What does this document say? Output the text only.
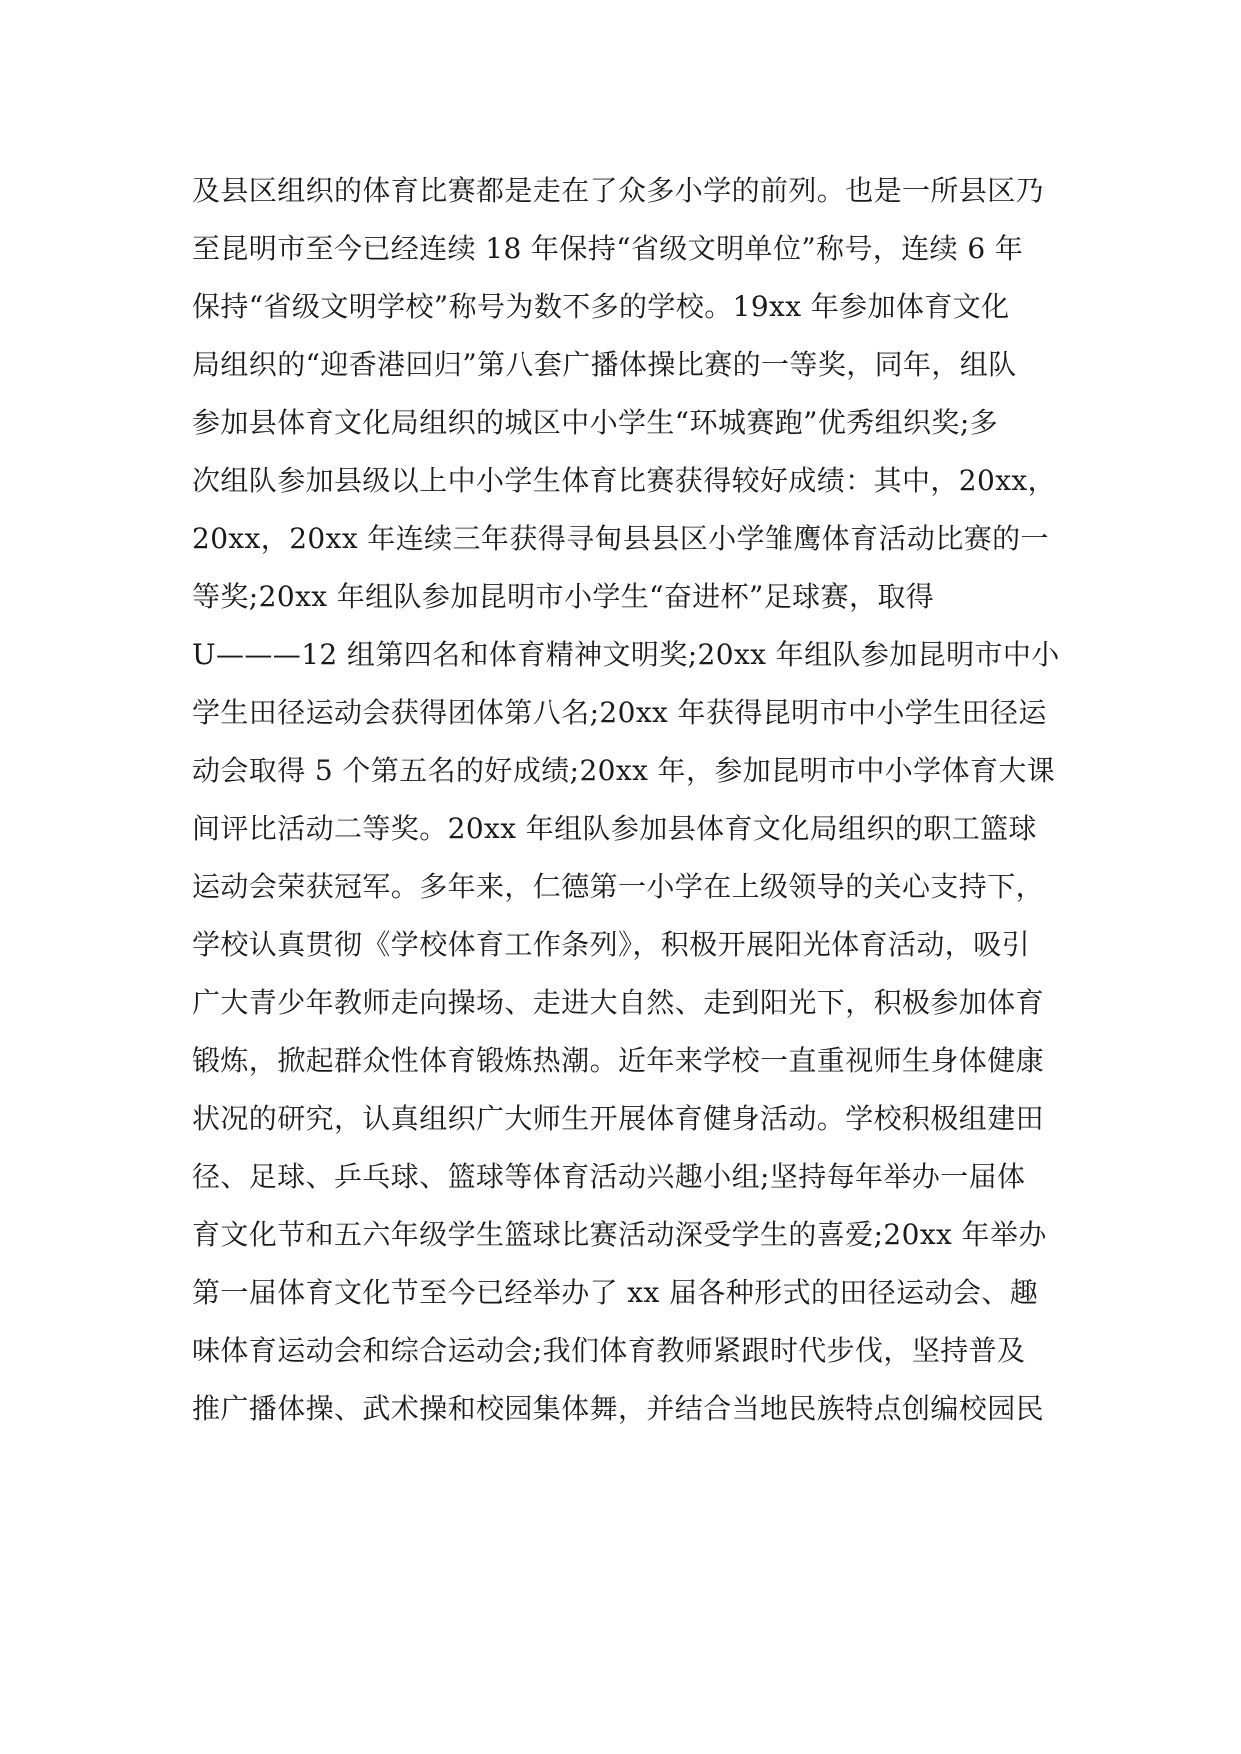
及县区组织的体育比赛都是走在了众多小学的前列。也是一所县区乃
至昆明市至今已经连续 18 年保持“省级文明单位”称号，连续 6 年
保持“省级文明学校”称号为数不多的学校。19xx 年参加体育文化
局组织的“迎香港回归”第八套广播体操比赛的一等奖，同年，组队
参加县体育文化局组织的城区中小学生“环城赛跑”优秀组织奖;多
次组队参加县级以上中小学生体育比赛获得较好成绩：其中，20xx，
20xx，20xx 年连续三年获得寻甸县县区小学雏鹰体育活动比赛的一
等奖;20xx 年组队参加昆明市小学生“奋进杯”足球赛，取得
U———12 组第四名和体育精神文明奖;20xx 年组队参加昆明市中小
学生田径运动会获得团体第八名;20xx 年获得昆明市中小学生田径运
动会取得 5 个第五名的好成绩;20xx 年，参加昆明市中小学体育大课
间评比活动二等奖。20xx 年组队参加县体育文化局组织的职工篮球
运动会荣获冠军。多年来，仁德第一小学在上级领导的关心支持下，
学校认真贯彻《学校体育工作条列》，积极开展阳光体育活动，吸引
广大青少年教师走向操场、走进大自然、走到阳光下，积极参加体育
锻炼，掀起群众性体育锻炼热潮。近年来学校一直重视师生身体健康
状况的研究，认真组织广大师生开展体育健身活动。学校积极组建田
径、足球、乒乓球、篮球等体育活动兴趣小组;坚持每年举办一届体
育文化节和五六年级学生篮球比赛活动深受学生的喜爱;20xx 年举办
第一届体育文化节至今已经举办了 xx 届各种形式的田径运动会、趣
味体育运动会和综合运动会;我们体育教师紧跟时代步伐，坚持普及
推广播体操、武术操和校园集体舞，并结合当地民族特点创编校园民
